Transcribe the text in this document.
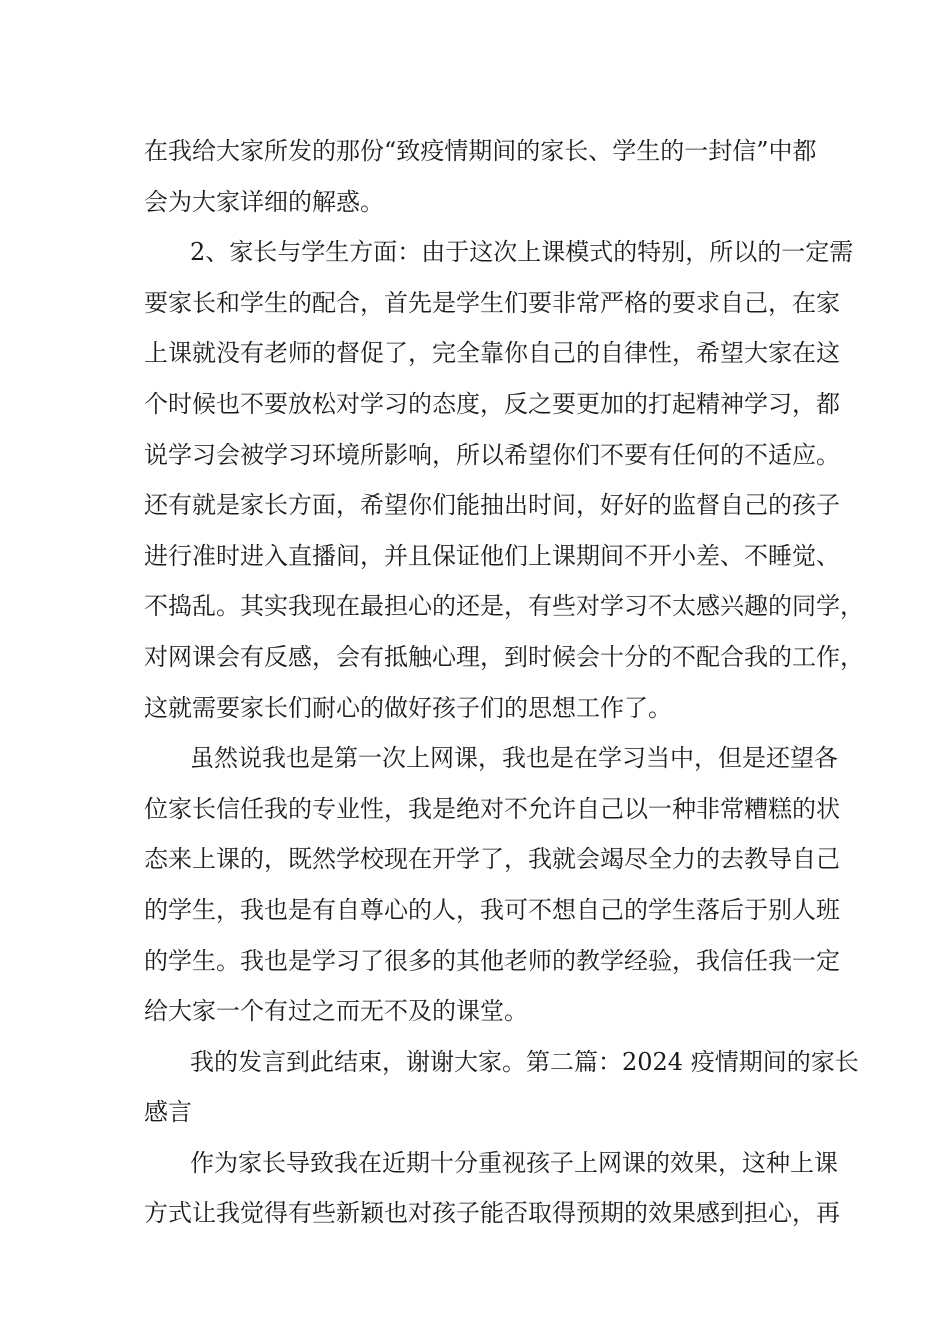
在我给大家所发的那份“致疫情期间的家长、学生的一封信”中都
会为大家详细的解惑。
2、家长与学生方面：由于这次上课模式的特别，所以的一定需
要家长和学生的配合，首先是学生们要非常严格的要求自己，在家
上课就没有老师的督促了，完全靠你自己的自律性，希望大家在这
个时候也不要放松对学习的态度，反之要更加的打起精神学习，都
说学习会被学习环境所影响，所以希望你们不要有任何的不适应。
还有就是家长方面，希望你们能抽出时间，好好的监督自己的孩子
进行准时进入直播间，并且保证他们上课期间不开小差、不睡觉、
不捣乱。其实我现在最担心的还是，有些对学习不太感兴趣的同学，
对网课会有反感，会有抵触心理，到时候会十分的不配合我的工作，
这就需要家长们耐心的做好孩子们的思想工作了。
虽然说我也是第一次上网课，我也是在学习当中，但是还望各
位家长信任我的专业性，我是绝对不允许自己以一种非常糟糕的状
态来上课的，既然学校现在开学了，我就会竭尽全力的去教导自己
的学生，我也是有自尊心的人，我可不想自己的学生落后于别人班
的学生。我也是学习了很多的其他老师的教学经验，我信任我一定
给大家一个有过之而无不及的课堂。
我的发言到此结束，谢谢大家。第二篇：2024 疫情期间的家长
感言
作为家长导致我在近期十分重视孩子上网课的效果，这种上课
方式让我觉得有些新颖也对孩子能否取得预期的效果感到担心，再
